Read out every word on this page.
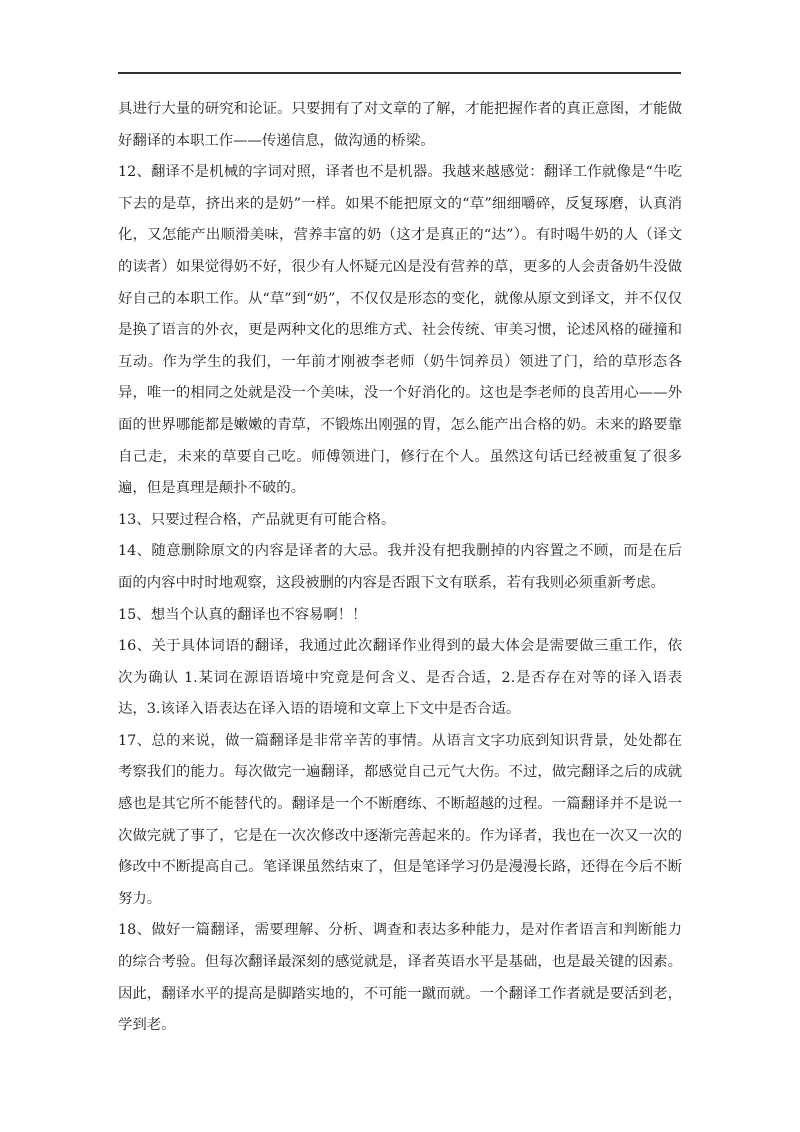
具进行大量的研究和论证。只要拥有了对文章的了解，才能把握作者的真正意图，才能做好翻译的本职工作——传递信息，做沟通的桥梁。

12、翻译不是机械的字词对照，译者也不是机器。我越来越感觉：翻译工作就像是“牛吃下去的是草，挤出来的是奶”一样。如果不能把原文的“草”细细嚼碎，反复琢磨，认真消化，又怎能产出顺滑美味，营养丰富的奶（这才是真正的“达”）。有时喝牛奶的人（译文的读者）如果觉得奶不好，很少有人怀疑元凶是没有营养的草，更多的人会责备奶牛没做好自己的本职工作。从“草”到“奶”，不仅仅是形态的变化，就像从原文到译文，并不仅仅是换了语言的外衣，更是两种文化的思维方式、社会传统、审美习惯，论述风格的碰撞和互动。作为学生的我们，一年前才刚被李老师（奶牛饲养员）领进了门，给的草形态各异，唯一的相同之处就是没一个美味，没一个好消化的。这也是李老师的良苦用心——外面的世界哪能都是嫩嫩的青草，不锻炼出刚强的胃，怎么能产出合格的奶。未来的路要靠自己走，未来的草要自己吃。师傅领进门，修行在个人。虽然这句话已经被重复了很多遍，但是真理是颠扑不破的。

13、只要过程合格，产品就更有可能合格。

14、随意删除原文的内容是译者的大忌。我并没有把我删掉的内容置之不顾，而是在后面的内容中时时地观察，这段被删的内容是否跟下文有联系，若有我则必须重新考虑。

15、想当个认真的翻译也不容易啊！！

16、关于具体词语的翻译，我通过此次翻译作业得到的最大体会是需要做三重工作，依次为确认 1.某词在源语语境中究竟是何含义、是否合适，2.是否存在对等的译入语表达，3.该译入语表达在译入语的语境和文章上下文中是否合适。

17、总的来说，做一篇翻译是非常辛苦的事情。从语言文字功底到知识背景，处处都在考察我们的能力。每次做完一遍翻译，都感觉自己元气大伤。不过，做完翻译之后的成就感也是其它所不能替代的。翻译是一个不断磨练、不断超越的过程。一篇翻译并不是说一次做完就了事了，它是在一次次修改中逐渐完善起来的。作为译者，我也在一次又一次的修改中不断提高自己。笔译课虽然结束了，但是笔译学习仍是漫漫长路，还得在今后不断努力。

18、做好一篇翻译，需要理解、分析、调查和表达多种能力，是对作者语言和判断能力的综合考验。但每次翻译最深刻的感觉就是，译者英语水平是基础，也是最关键的因素。因此，翻译水平的提高是脚踏实地的，不可能一蹴而就。一个翻译工作者就是要活到老，学到老。
